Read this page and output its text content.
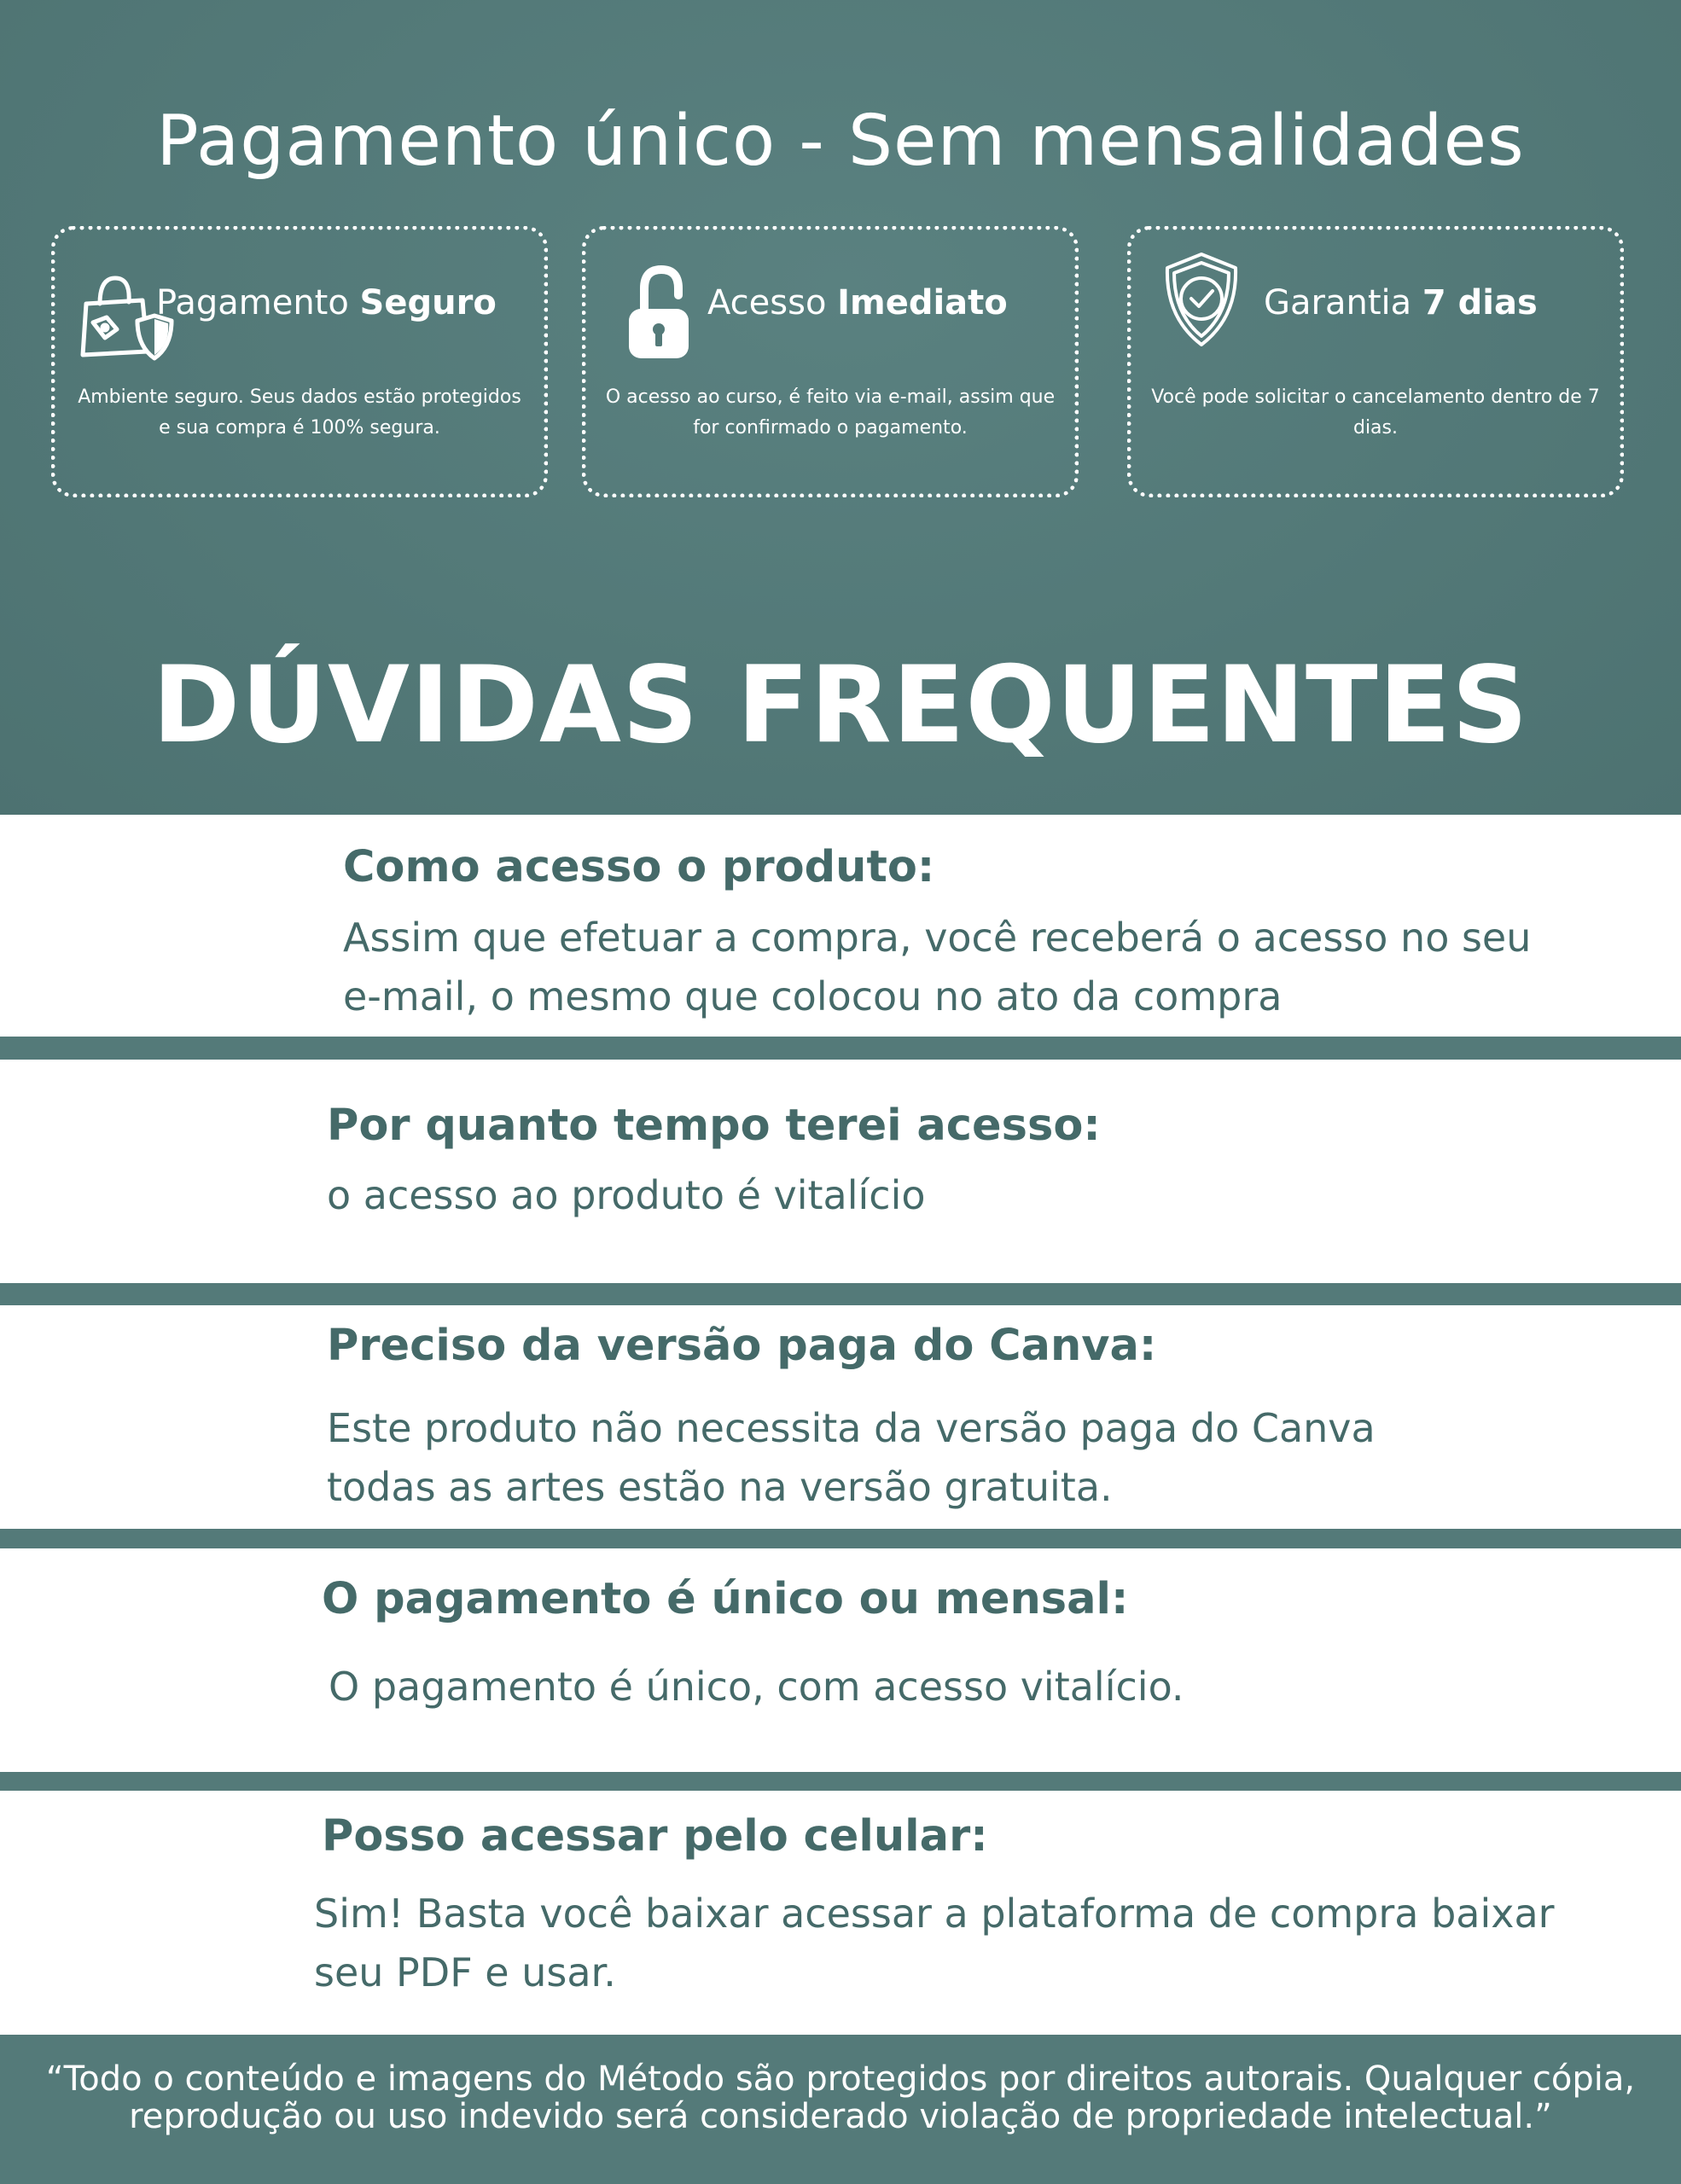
Pagamento único - Sem mensalidades
Pagamento Seguro
Ambiente seguro. Seus dados estão protegidos e sua compra é 100% segura.
Acesso Imediato
O acesso ao curso, é feito via e-mail, assim que for confirmado o pagamento.
Garantia 7 dias
Você pode solicitar o cancelamento dentro de 7 dias.
DÚVIDAS FREQUENTES
Como acesso o produto:
Assim que efetuar a compra, você receberá o acesso no seu e-mail, o mesmo que colocou no ato da compra
Por quanto tempo terei acesso:
o acesso ao produto é vitalício
Preciso da versão paga do Canva:
Este produto não necessita da versão paga do Canva todas as artes estão na versão gratuita.
O pagamento é único ou mensal:
O pagamento é único, com acesso vitalício.
Posso acessar pelo celular:
Sim! Basta você baixar acessar a plataforma de compra baixar seu PDF e usar.
“Todo o conteúdo e imagens do Método são protegidos por direitos autorais. Qualquer cópia, reprodução ou uso indevido será considerado violação de propriedade intelectual.”
